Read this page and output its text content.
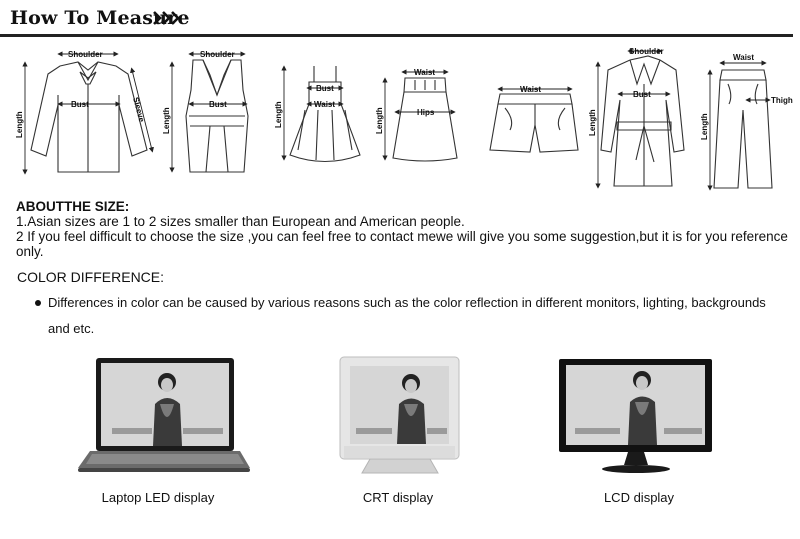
How To Measure
Shoulder
Bust
Length
Sleeve
Shoulder
Bust
Length
Bust
Waist
Length
Waist
Hips
Length
Waist
Shoulder
Bust
Length
Waist
Thigh
Length
ABOUTTHE SIZE:
1.Asian sizes are 1 to 2 sizes smaller than European and American people.
2 If you feel difficult to choose the size ,you can feel free to contact mewe will give you some suggestion,but it is for you reference only.
COLOR DIFFERENCE:
Differences in color can be caused by various reasons such as the color reflection in different monitors, lighting, backgrounds and etc.
Laptop LED display	CRT display	LCD display
